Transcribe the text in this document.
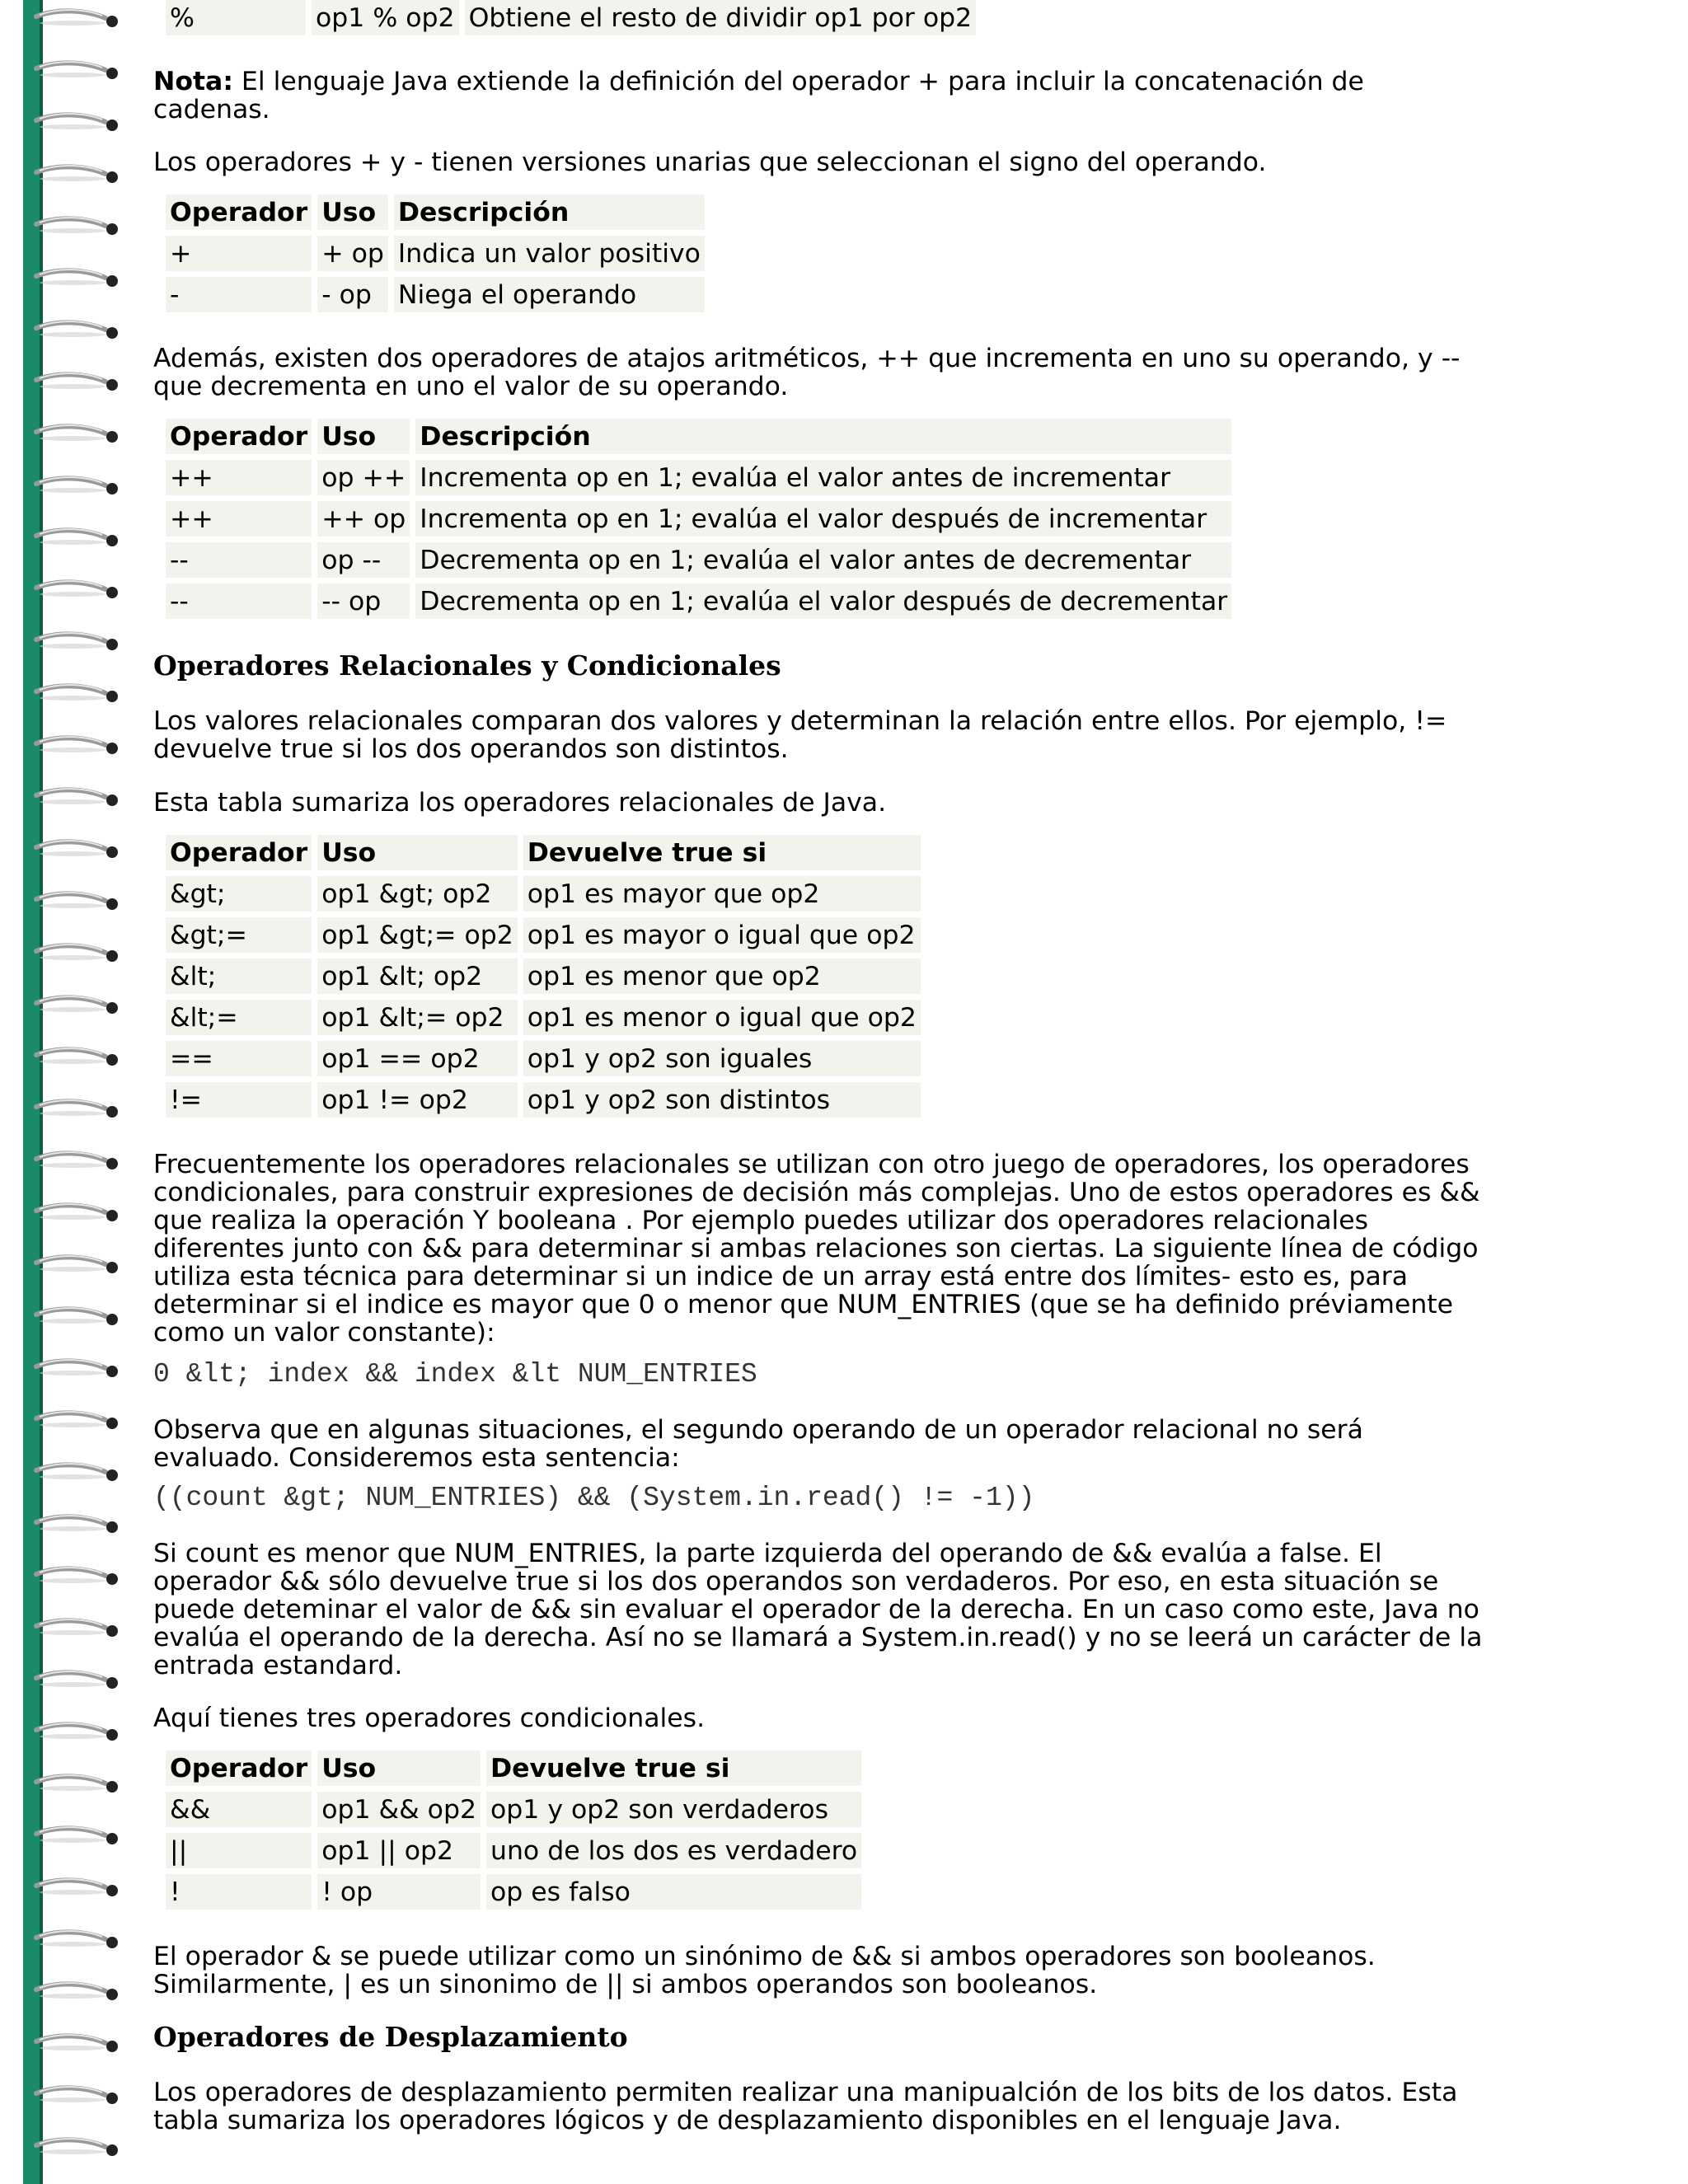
%	op1 % op2	Obtiene el resto de dividir op1 por op2

Nota: El lenguaje Java extiende la definición del operador + para incluir la concatenación de cadenas.

Los operadores + y - tienen versiones unarias que seleccionan el signo del operando.

Operador	Uso	Descripción
+	+ op	Indica un valor positivo
-	- op	Niega el operando

Además, existen dos operadores de atajos aritméticos, ++ que incrementa en uno su operando, y -- que decrementa en uno el valor de su operando.

Operador	Uso	Descripción
++	op ++	Incrementa op en 1; evalúa el valor antes de incrementar
++	++ op	Incrementa op en 1; evalúa el valor después de incrementar
--	op --	Decrementa op en 1; evalúa el valor antes de decrementar
--	-- op	Decrementa op en 1; evalúa el valor después de decrementar
Operadores Relacionales y Condicionales

Los valores relacionales comparan dos valores y determinan la relación entre ellos. Por ejemplo, != devuelve true si los dos operandos son distintos.

Esta tabla sumariza los operadores relacionales de Java.

Operador	Uso	Devuelve true si
&gt;	op1 &gt; op2	op1 es mayor que op2
&gt;=	op1 &gt;= op2	op1 es mayor o igual que op2
&lt;	op1 &lt; op2	op1 es menor que op2
&lt;=	op1 &lt;= op2	op1 es menor o igual que op2
==	op1 == op2	op1 y op2 son iguales
!=	op1 != op2	op1 y op2 son distintos

Frecuentemente los operadores relacionales se utilizan con otro juego de operadores, los operadores condicionales, para construir expresiones de decisión más complejas. Uno de estos operadores es && que realiza la operación Y booleana . Por ejemplo puedes utilizar dos operadores relacionales diferentes junto con && para determinar si ambas relaciones son ciertas. La siguiente línea de código utiliza esta técnica para determinar si un indice de un array está entre dos límites- esto es, para determinar si el indice es mayor que 0 o menor que NUM_ENTRIES (que se ha definido préviamente como un valor constante):

0 &lt; index && index &lt NUM_ENTRIES

Observa que en algunas situaciones, el segundo operando de un operador relacional no será evaluado. Consideremos esta sentencia:

((count &gt; NUM_ENTRIES) && (System.in.read() != -1))

Si count es menor que NUM_ENTRIES, la parte izquierda del operando de && evalúa a false. El operador && sólo devuelve true si los dos operandos son verdaderos. Por eso, en esta situación se puede deteminar el valor de && sin evaluar el operador de la derecha. En un caso como este, Java no evalúa el operando de la derecha. Así no se llamará a System.in.read() y no se leerá un carácter de la entrada estandard.

Aquí tienes tres operadores condicionales.

Operador	Uso	Devuelve true si
&&	op1 && op2	op1 y op2 son verdaderos
||	op1 || op2	uno de los dos es verdadero
!	! op	op es falso

El operador & se puede utilizar como un sinónimo de && si ambos operadores son booleanos. Similarmente, | es un sinonimo de || si ambos operandos son booleanos.

Operadores de Desplazamiento

Los operadores de desplazamiento permiten realizar una manipualción de los bits de los datos. Esta tabla sumariza los operadores lógicos y de desplazamiento disponibles en el lenguaje Java.
